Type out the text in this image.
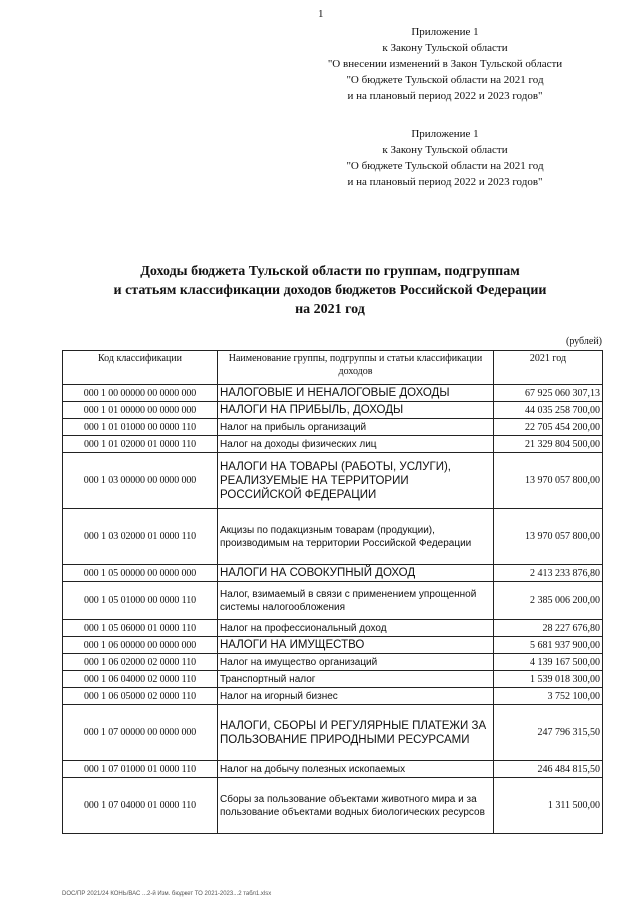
1
Приложение 1
к Закону Тульской области
"О внесении изменений в Закон Тульской области
"О бюджете Тульской области на 2021 год
и на плановый период 2022 и 2023 годов"
Приложение 1
к Закону Тульской области
"О бюджете Тульской области на 2021 год
и на плановый период 2022 и 2023 годов"
Доходы бюджета Тульской области по группам, подгруппам
и статьям классификации доходов бюджетов Российской Федерации
на 2021 год
(рублей)
Код классификации	Наименование группы, подгруппы и статьи классификации доходов	2021 год
000 1 00 00000 00 0000 000	НАЛОГОВЫЕ И НЕНАЛОГОВЫЕ ДОХОДЫ	67 925 060 307,13
000 1 01 00000 00 0000 000	НАЛОГИ НА ПРИБЫЛЬ, ДОХОДЫ	44 035 258 700,00
000 1 01 01000 00 0000 110	Налог на прибыль организаций	22 705 454 200,00
000 1 01 02000 01 0000 110	Налог на доходы физических лиц	21 329 804 500,00
000 1 03 00000 00 0000 000	НАЛОГИ НА ТОВАРЫ (РАБОТЫ, УСЛУГИ), РЕАЛИЗУЕМЫЕ НА ТЕРРИТОРИИ РОССИЙСКОЙ ФЕДЕРАЦИИ	13 970 057 800,00
000 1 03 02000 01 0000 110	Акцизы по подакцизным товарам (продукции), производимым на территории Российской Федерации	13 970 057 800,00
000 1 05 00000 00 0000 000	НАЛОГИ НА СОВОКУПНЫЙ ДОХОД	2 413 233 876,80
000 1 05 01000 00 0000 110	Налог, взимаемый в связи с применением упрощенной системы налогообложения	2 385 006 200,00
000 1 05 06000 01 0000 110	Налог на профессиональный доход	28 227 676,80
000 1 06 00000 00 0000 000	НАЛОГИ НА ИМУЩЕСТВО	5 681 937 900,00
000 1 06 02000 02 0000 110	Налог на имущество организаций	4 139 167 500,00
000 1 06 04000 02 0000 110	Транспортный налог	1 539 018 300,00
000 1 06 05000 02 0000 110	Налог на игорный бизнес	3 752 100,00
000 1 07 00000 00 0000 000	НАЛОГИ, СБОРЫ И РЕГУЛЯРНЫЕ ПЛАТЕЖИ ЗА ПОЛЬЗОВАНИЕ ПРИРОДНЫМИ РЕСУРСАМИ	247 796 315,50
000 1 07 01000 01 0000 110	Налог на добычу полезных ископаемых	246 484 815,50
000 1 07 04000 01 0000 110	Сборы за пользование объектами животного мира и за пользование объектами водных биологических ресурсов	1 311 500,00
DOC/ПР 2021/24 КОНЬ/ВАС ...2-й Изм. бюджет ТО 2021-2023...2 табл1.xlsx
